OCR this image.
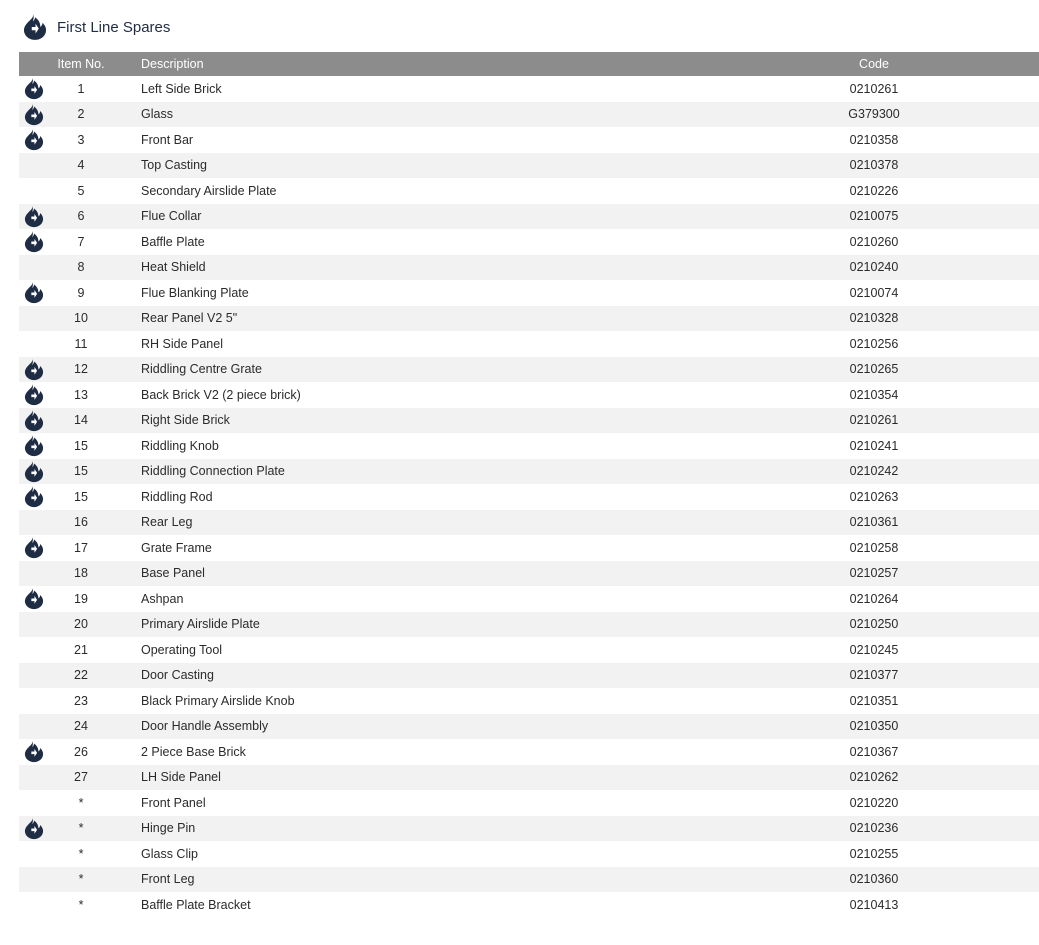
First Line Spares
Item No.	Description	Code
1	Left Side Brick	0210261
2	Glass	G379300
3	Front Bar	0210358
4	Top Casting	0210378
5	Secondary Airslide Plate	0210226
6	Flue Collar	0210075
7	Baffle Plate	0210260
8	Heat Shield	0210240
9	Flue Blanking Plate	0210074
10	Rear Panel V2 5"	0210328
11	RH Side Panel	0210256
12	Riddling Centre Grate	0210265
13	Back Brick V2 (2 piece brick)	0210354
14	Right Side Brick	0210261
15	Riddling Knob	0210241
15	Riddling Connection Plate	0210242
15	Riddling Rod	0210263
16	Rear Leg	0210361
17	Grate Frame	0210258
18	Base Panel	0210257
19	Ashpan	0210264
20	Primary Airslide Plate	0210250
21	Operating Tool	0210245
22	Door Casting	0210377
23	Black Primary Airslide Knob	0210351
24	Door Handle Assembly	0210350
26	2 Piece Base Brick	0210367
27	LH Side Panel	0210262
*	Front Panel	0210220
*	Hinge Pin	0210236
*	Glass Clip	0210255
*	Front Leg	0210360
*	Baffle Plate Bracket	0210413
